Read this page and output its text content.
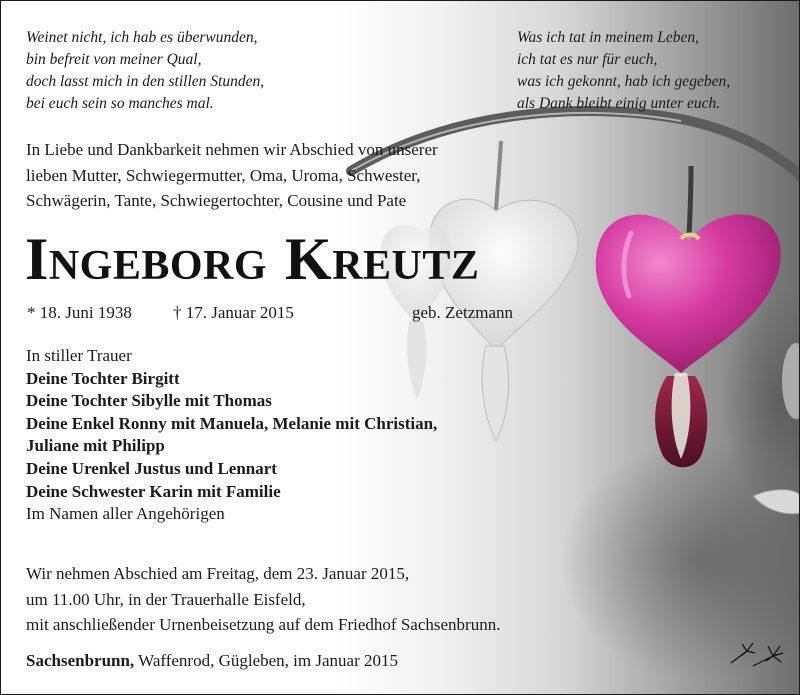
Weinet nicht, ich hab es überwunden,
bin befreit von meiner Qual,
doch lasst mich in den stillen Stunden,
bei euch sein so manches mal.
Was ich tat in meinem Leben,
ich tat es nur für euch,
was ich gekonnt, hab ich gegeben,
als Dank bleibt einig unter euch.
In Liebe und Dankbarkeit nehmen wir Abschied von unserer
lieben Mutter, Schwiegermutter, Oma, Uroma, Schwester,
Schwägerin, Tante, Schwiegertochter, Cousine und Pate
Ingeborg Kreutz
* 18. Juni 1938 † 17. Januar 2015	geb. Zetzmann
In stiller Trauer
Deine Tochter Birgitt
Deine Tochter Sibylle mit Thomas
Deine Enkel Ronny mit Manuela, Melanie mit Christian,
Juliane mit Philipp
Deine Urenkel Justus und Lennart
Deine Schwester Karin mit Familie
Im Namen aller Angehörigen
Wir nehmen Abschied am Freitag, dem 23. Januar 2015,
um 11.00 Uhr, in der Trauerhalle Eisfeld,
mit anschließender Urnenbeisetzung auf dem Friedhof Sachsenbrunn.
Sachsenbrunn, Waffenrod, Gügleben, im Januar 2015
